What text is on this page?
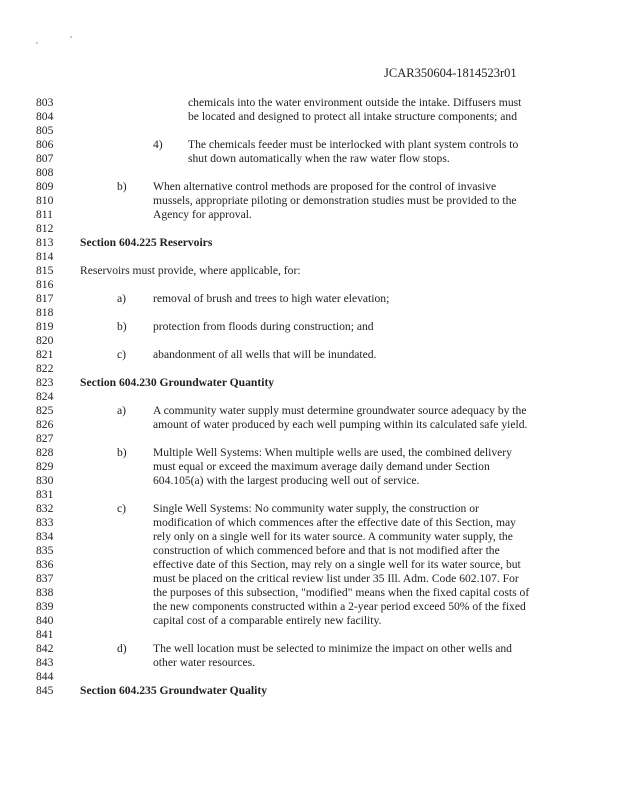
JCAR350604-1814523r01
803	chemicals into the water environment outside the intake. Diffusers must
804	be located and designed to protect all intake structure components; and
805
806	4) The chemicals feeder must be interlocked with plant system controls to
807	shut down automatically when the raw water flow stops.
808
809	b) When alternative control methods are proposed for the control of invasive
810	mussels, appropriate piloting or demonstration studies must be provided to the
811	Agency for approval.
812
813 Section 604.225 Reservoirs
814
815 Reservoirs must provide, where applicable, for:
816
817	a) removal of brush and trees to high water elevation;
818
819	b) protection from floods during construction; and
820
821	c) abandonment of all wells that will be inundated.
822
823 Section 604.230 Groundwater Quantity
824
825	a) A community water supply must determine groundwater source adequacy by the
826	amount of water produced by each well pumping within its calculated safe yield.
827
828	b) Multiple Well Systems: When multiple wells are used, the combined delivery
829	must equal or exceed the maximum average daily demand under Section
830	604.105(a) with the largest producing well out of service.
831
832	c) Single Well Systems: No community water supply, the construction or
833	modification of which commences after the effective date of this Section, may
834	rely only on a single well for its water source. A community water supply, the
835	construction of which commenced before and that is not modified after the
836	effective date of this Section, may rely on a single well for its water source, but
837	must be placed on the critical review list under 35 Ill. Adm. Code 602.107. For
838	the purposes of this subsection, "modified" means when the fixed capital costs of
839	the new components constructed within a 2-year period exceed 50% of the fixed
840	capital cost of a comparable entirely new facility.
841
842	d) The well location must be selected to minimize the impact on other wells and
843	other water resources.
844
845 Section 604.235 Groundwater Quality
